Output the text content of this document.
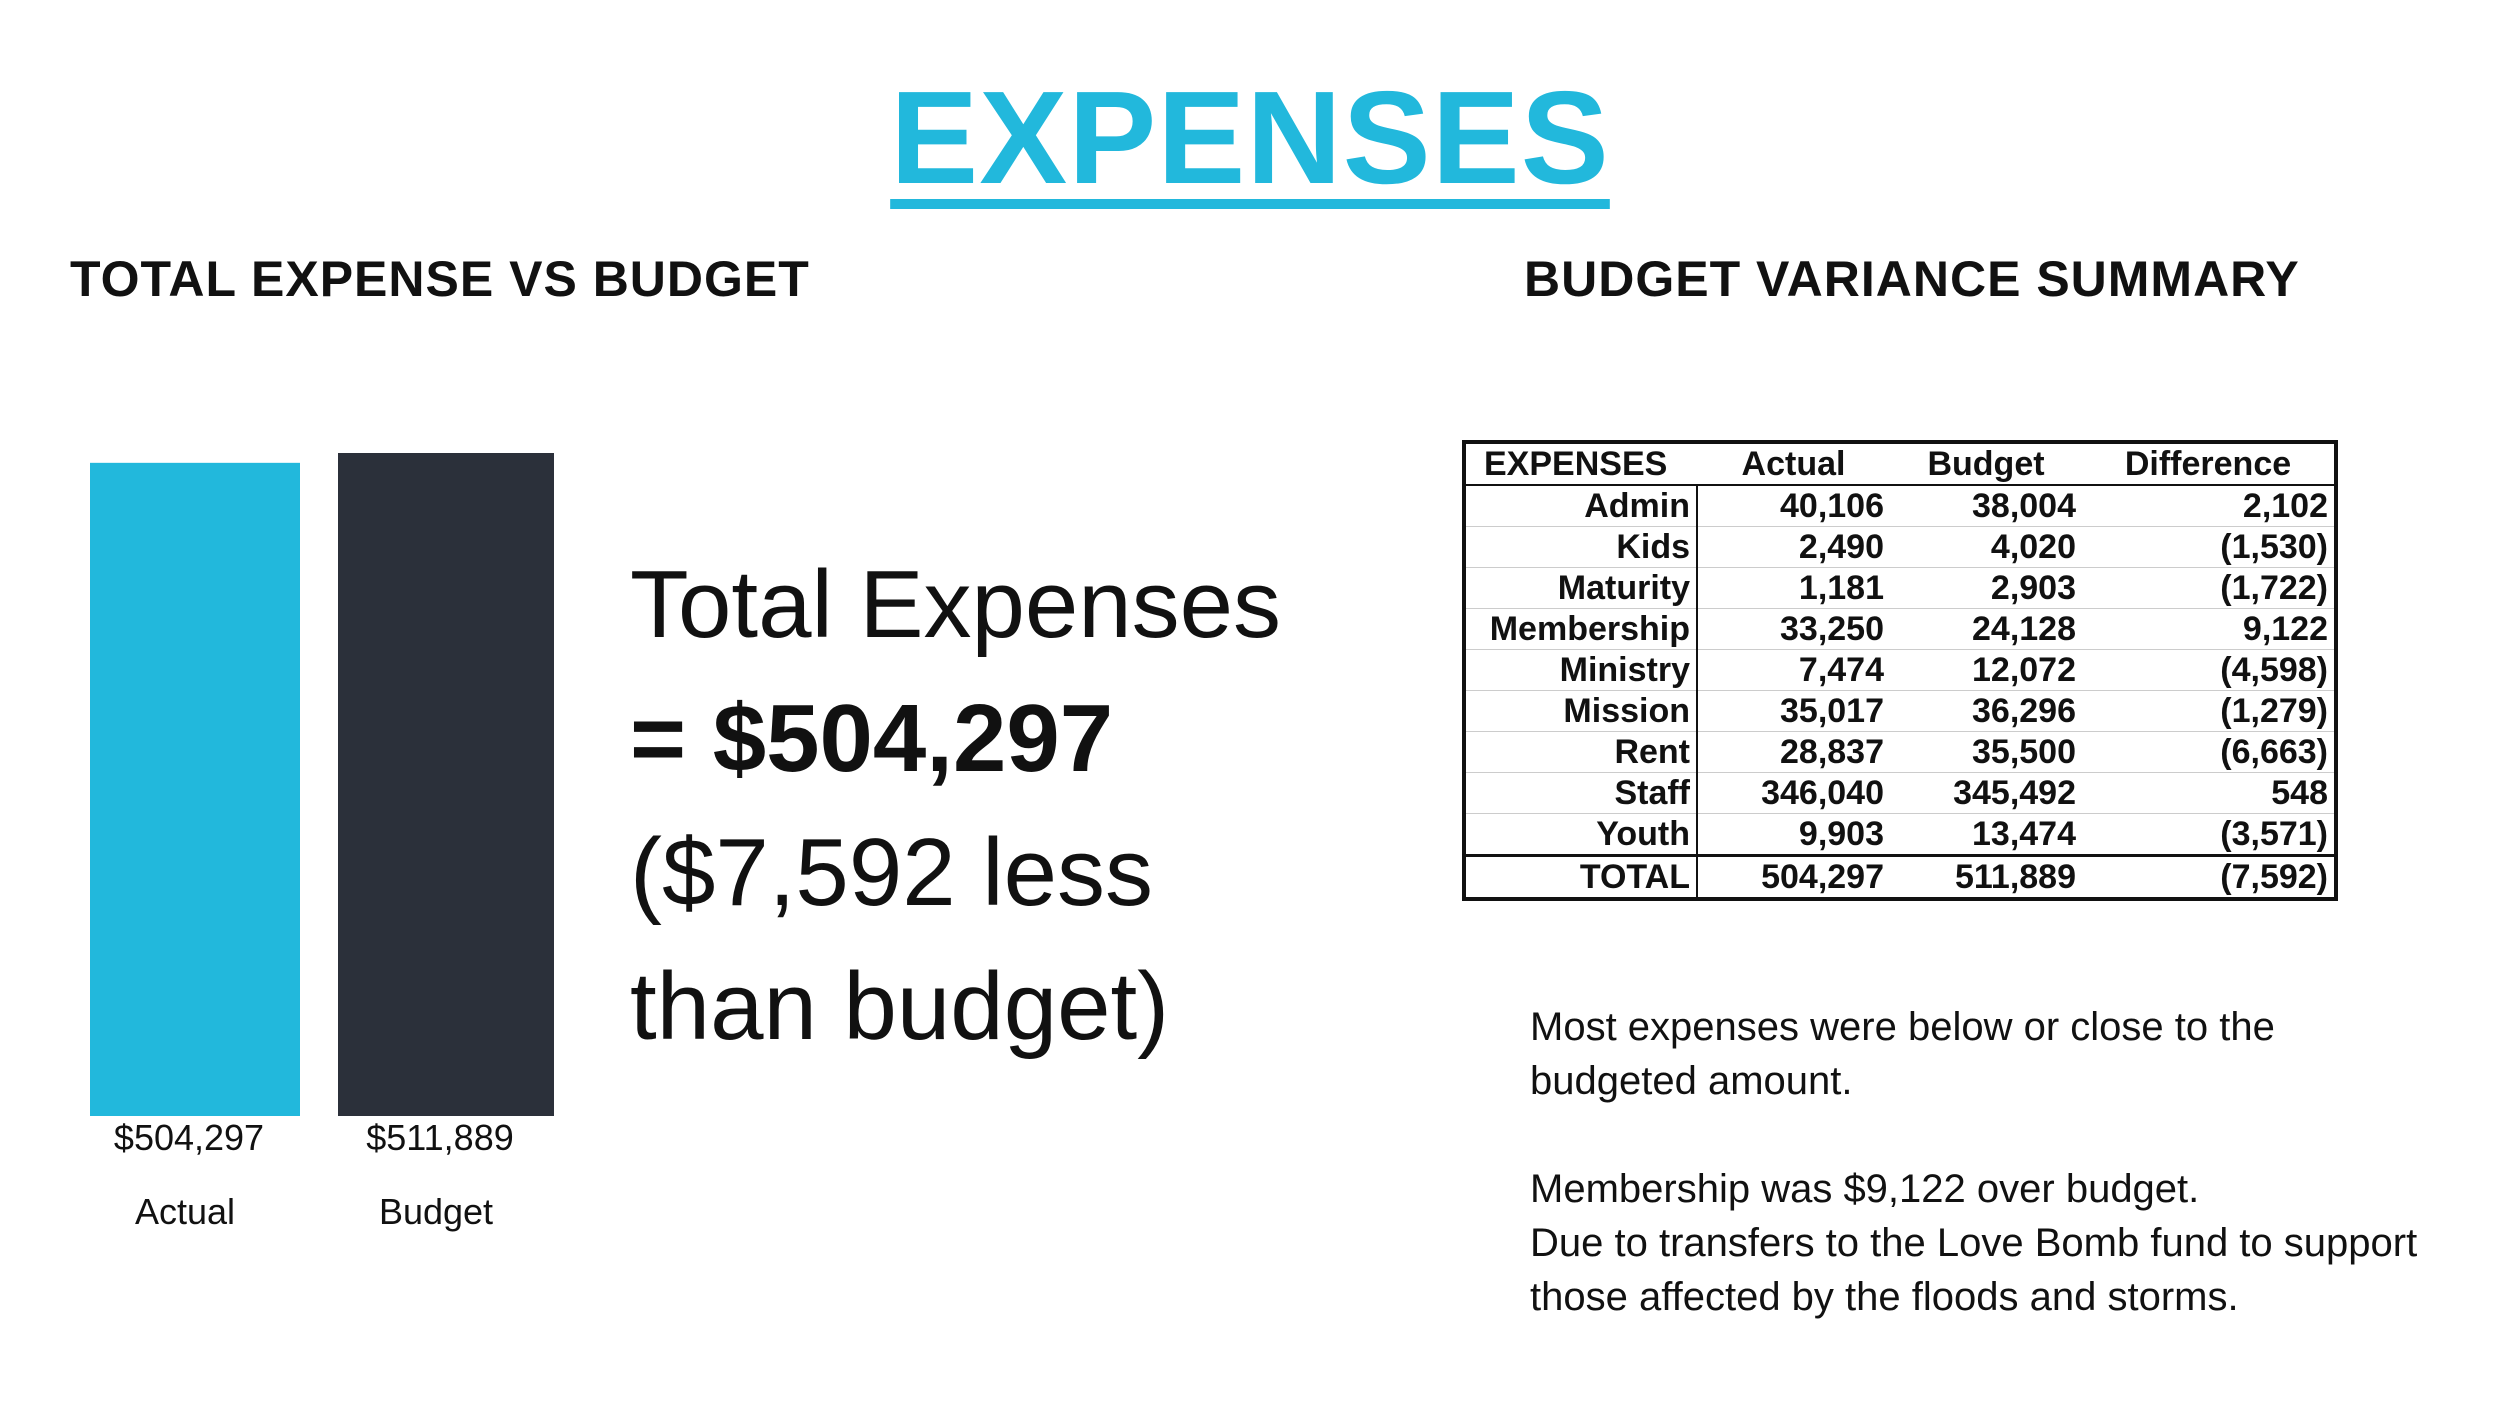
EXPENSES
TOTAL EXPENSE VS BUDGET	BUDGET VARIANCE SUMMARY
$504,297
Actual
$511,889
Budget
Total Expenses
= $504,297
($7,592 less
than budget)
EXPENSES	Actual	Budget	Difference
Admin	40,106	38,004	2,102
Kids	2,490	4,020	(1,530)
Maturity	1,181	2,903	(1,722)
Membership	33,250	24,128	9,122
Ministry	7,474	12,072	(4,598)
Mission	35,017	36,296	(1,279)
Rent	28,837	35,500	(6,663)
Staff	346,040	345,492	548
Youth	9,903	13,474	(3,571)
TOTAL	504,297	511,889	(7,592)

Most expenses were below or close to the budgeted amount.

Membership was $9,122 over budget.
Due to transfers to the Love Bomb fund to support those affected by the floods and storms.
